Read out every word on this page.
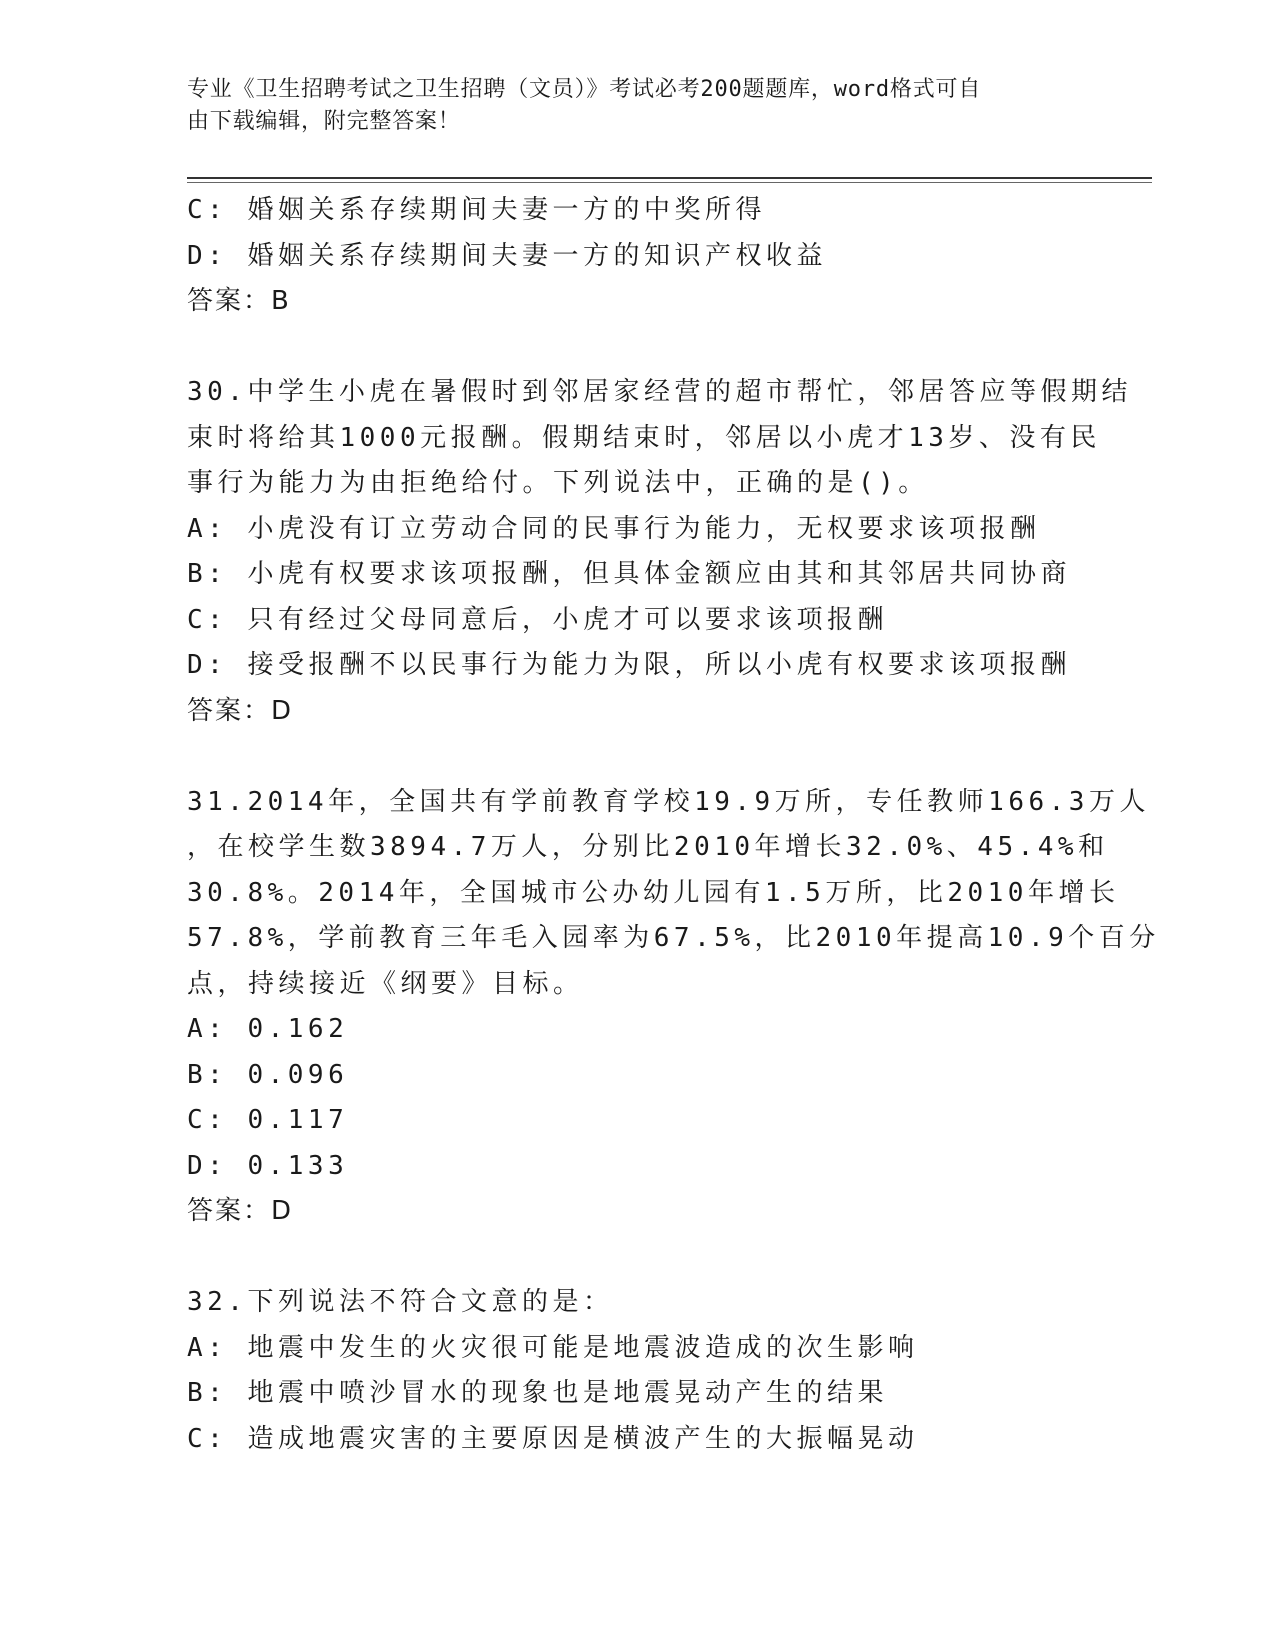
专业《卫生招聘考试之卫生招聘（文员）》考试必考200题题库，word格式可自
由下载编辑，附完整答案！
C: 婚姻关系存续期间夫妻一方的中奖所得
D: 婚姻关系存续期间夫妻一方的知识产权收益
答案：B
30.中学生小虎在暑假时到邻居家经营的超市帮忙，邻居答应等假期结
束时将给其1000元报酬。假期结束时，邻居以小虎才13岁、没有民
事行为能力为由拒绝给付。下列说法中，正确的是()。
A: 小虎没有订立劳动合同的民事行为能力，无权要求该项报酬
B: 小虎有权要求该项报酬，但具体金额应由其和其邻居共同协商
C: 只有经过父母同意后，小虎才可以要求该项报酬
D: 接受报酬不以民事行为能力为限，所以小虎有权要求该项报酬
答案：D
31.2014年，全国共有学前教育学校19.9万所，专任教师166.3万人
，在校学生数3894.7万人，分别比2010年增长32.0%、45.4%和
30.8%。2014年，全国城市公办幼儿园有1.5万所，比2010年增长
57.8%，学前教育三年毛入园率为67.5%，比2010年提高10.9个百分
点，持续接近《纲要》目标。
A: 0.162
B: 0.096
C: 0.117
D: 0.133
答案：D
32.下列说法不符合文意的是：
A: 地震中发生的火灾很可能是地震波造成的次生影响
B: 地震中喷沙冒水的现象也是地震晃动产生的结果
C: 造成地震灾害的主要原因是横波产生的大振幅晃动
